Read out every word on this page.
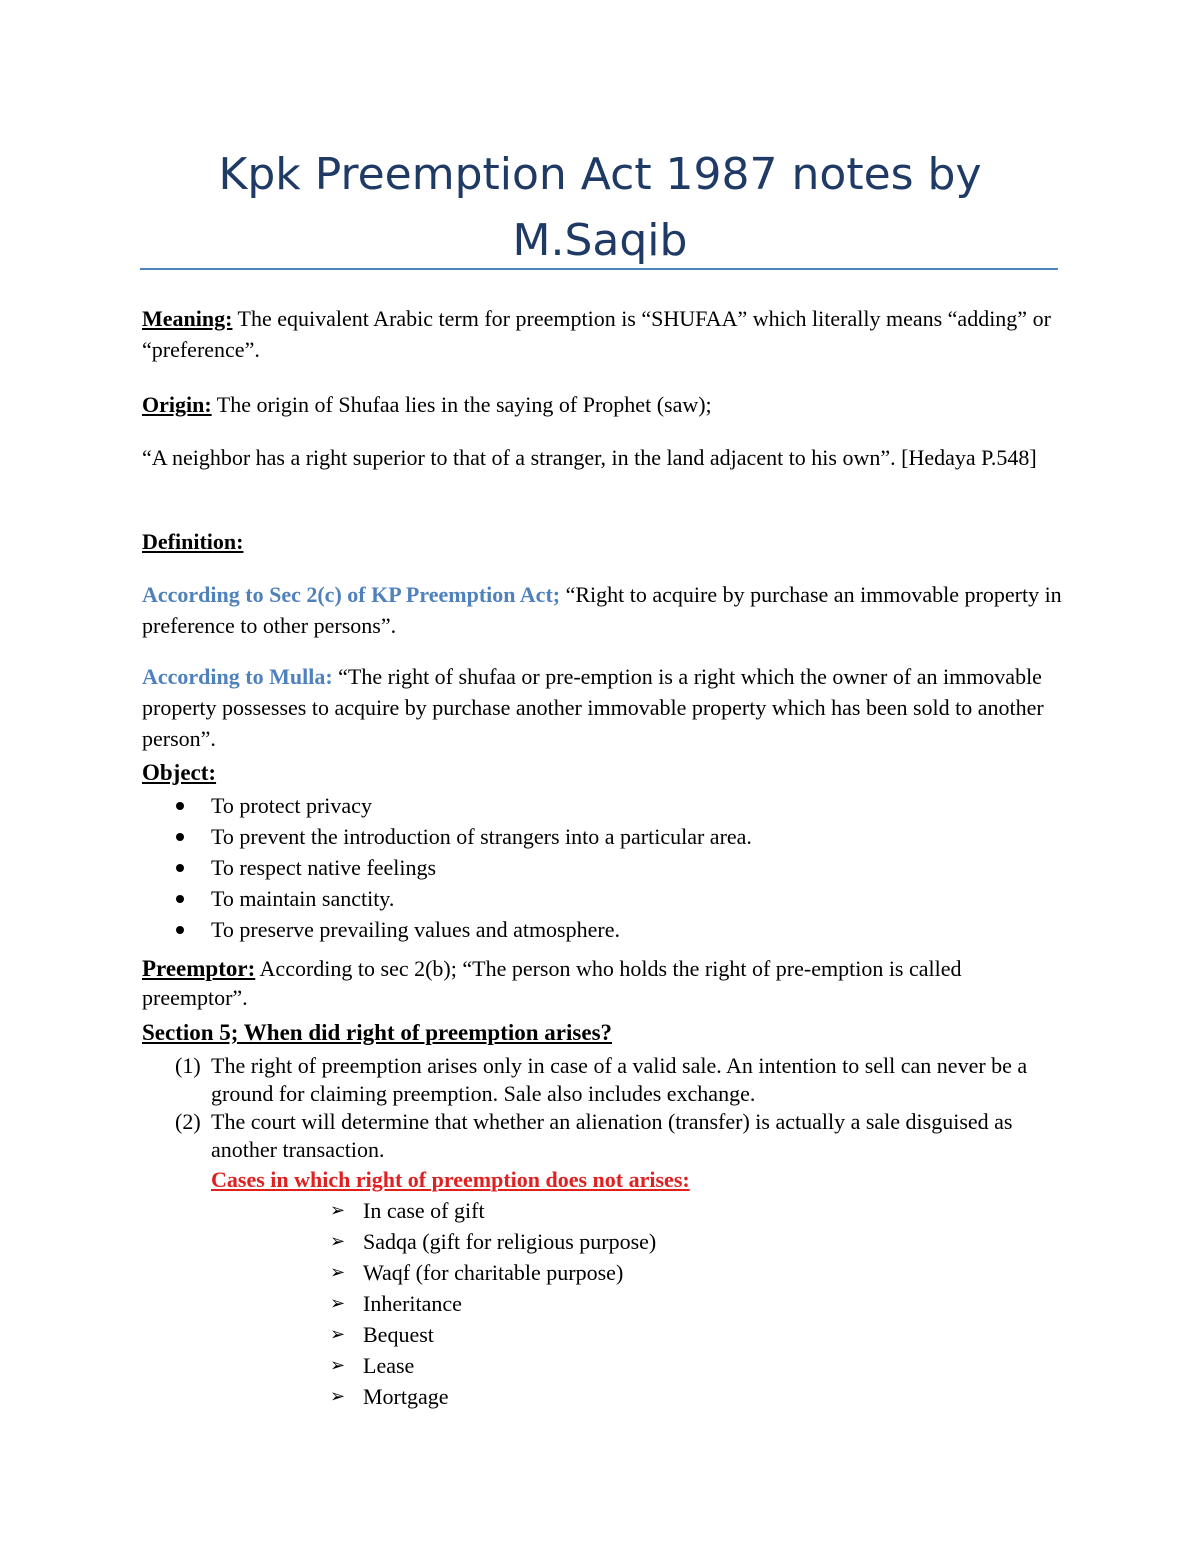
Kpk Preemption Act 1987 notes by
M.Saqib
Meaning: The equivalent Arabic term for preemption is “SHUFAA” which literally means “adding” or “preference”.
Origin: The origin of Shufaa lies in the saying of Prophet (saw);
“A neighbor has a right superior to that of a stranger, in the land adjacent to his own”. [Hedaya P.548]
Definition:
According to Sec 2(c) of KP Preemption Act; “Right to acquire by purchase an immovable property in preference to other persons”.
According to Mulla: “The right of shufaa or pre-emption is a right which the owner of an immovable property possesses to acquire by purchase another immovable property which has been sold to another person”.
Object:
To protect privacy
To prevent the introduction of strangers into a particular area.
To respect native feelings
To maintain sanctity.
To preserve prevailing values and atmosphere.
Preemptor: According to sec 2(b); “The person who holds the right of pre-emption is called preemptor”.
Section 5; When did right of preemption arises?
(1) The right of preemption arises only in case of a valid sale. An intention to sell can never be a ground for claiming preemption. Sale also includes exchange.
(2) The court will determine that whether an alienation (transfer) is actually a sale disguised as another transaction.
Cases in which right of preemption does not arises:
➢ In case of gift
➢ Sadqa (gift for religious purpose)
➢ Waqf (for charitable purpose)
➢ Inheritance
➢ Bequest
➢ Lease
➢ Mortgage
